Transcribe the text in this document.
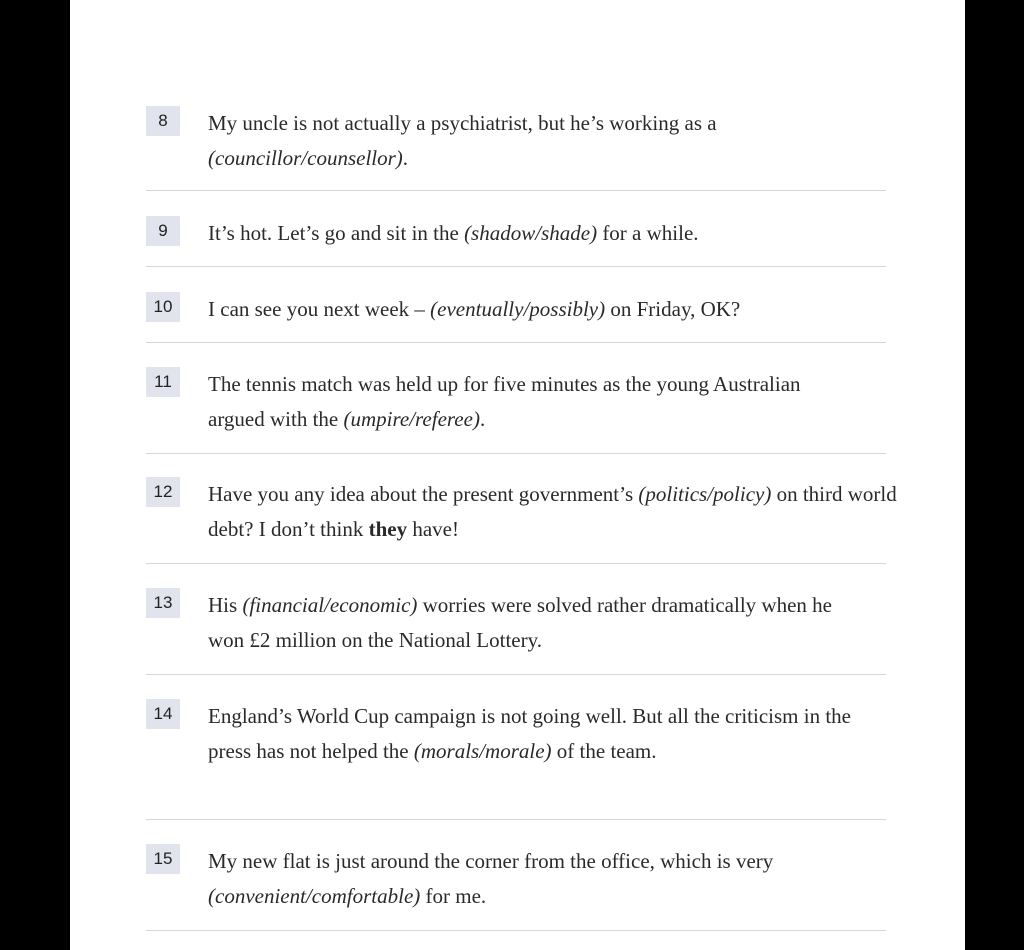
8	My uncle is not actually a psychiatrist, but he’s working as a
(councillor/counsellor).
9	It’s hot. Let’s go and sit in the (shadow/shade) for a while.
10	I can see you next week – (eventually/possibly) on Friday, OK?
11	The tennis match was held up for five minutes as the young Australian argued with the (umpire/referee).
12	Have you any idea about the present government’s (politics/policy) on third world debt? I don’t think they have!
13	His (financial/economic) worries were solved rather dramatically when he won £2 million on the National Lottery.
14	England’s World Cup campaign is not going well. But all the criticism in the press has not helped the (morals/morale) of the team.
15	My new flat is just around the corner from the office, which is very (convenient/comfortable) for me.
